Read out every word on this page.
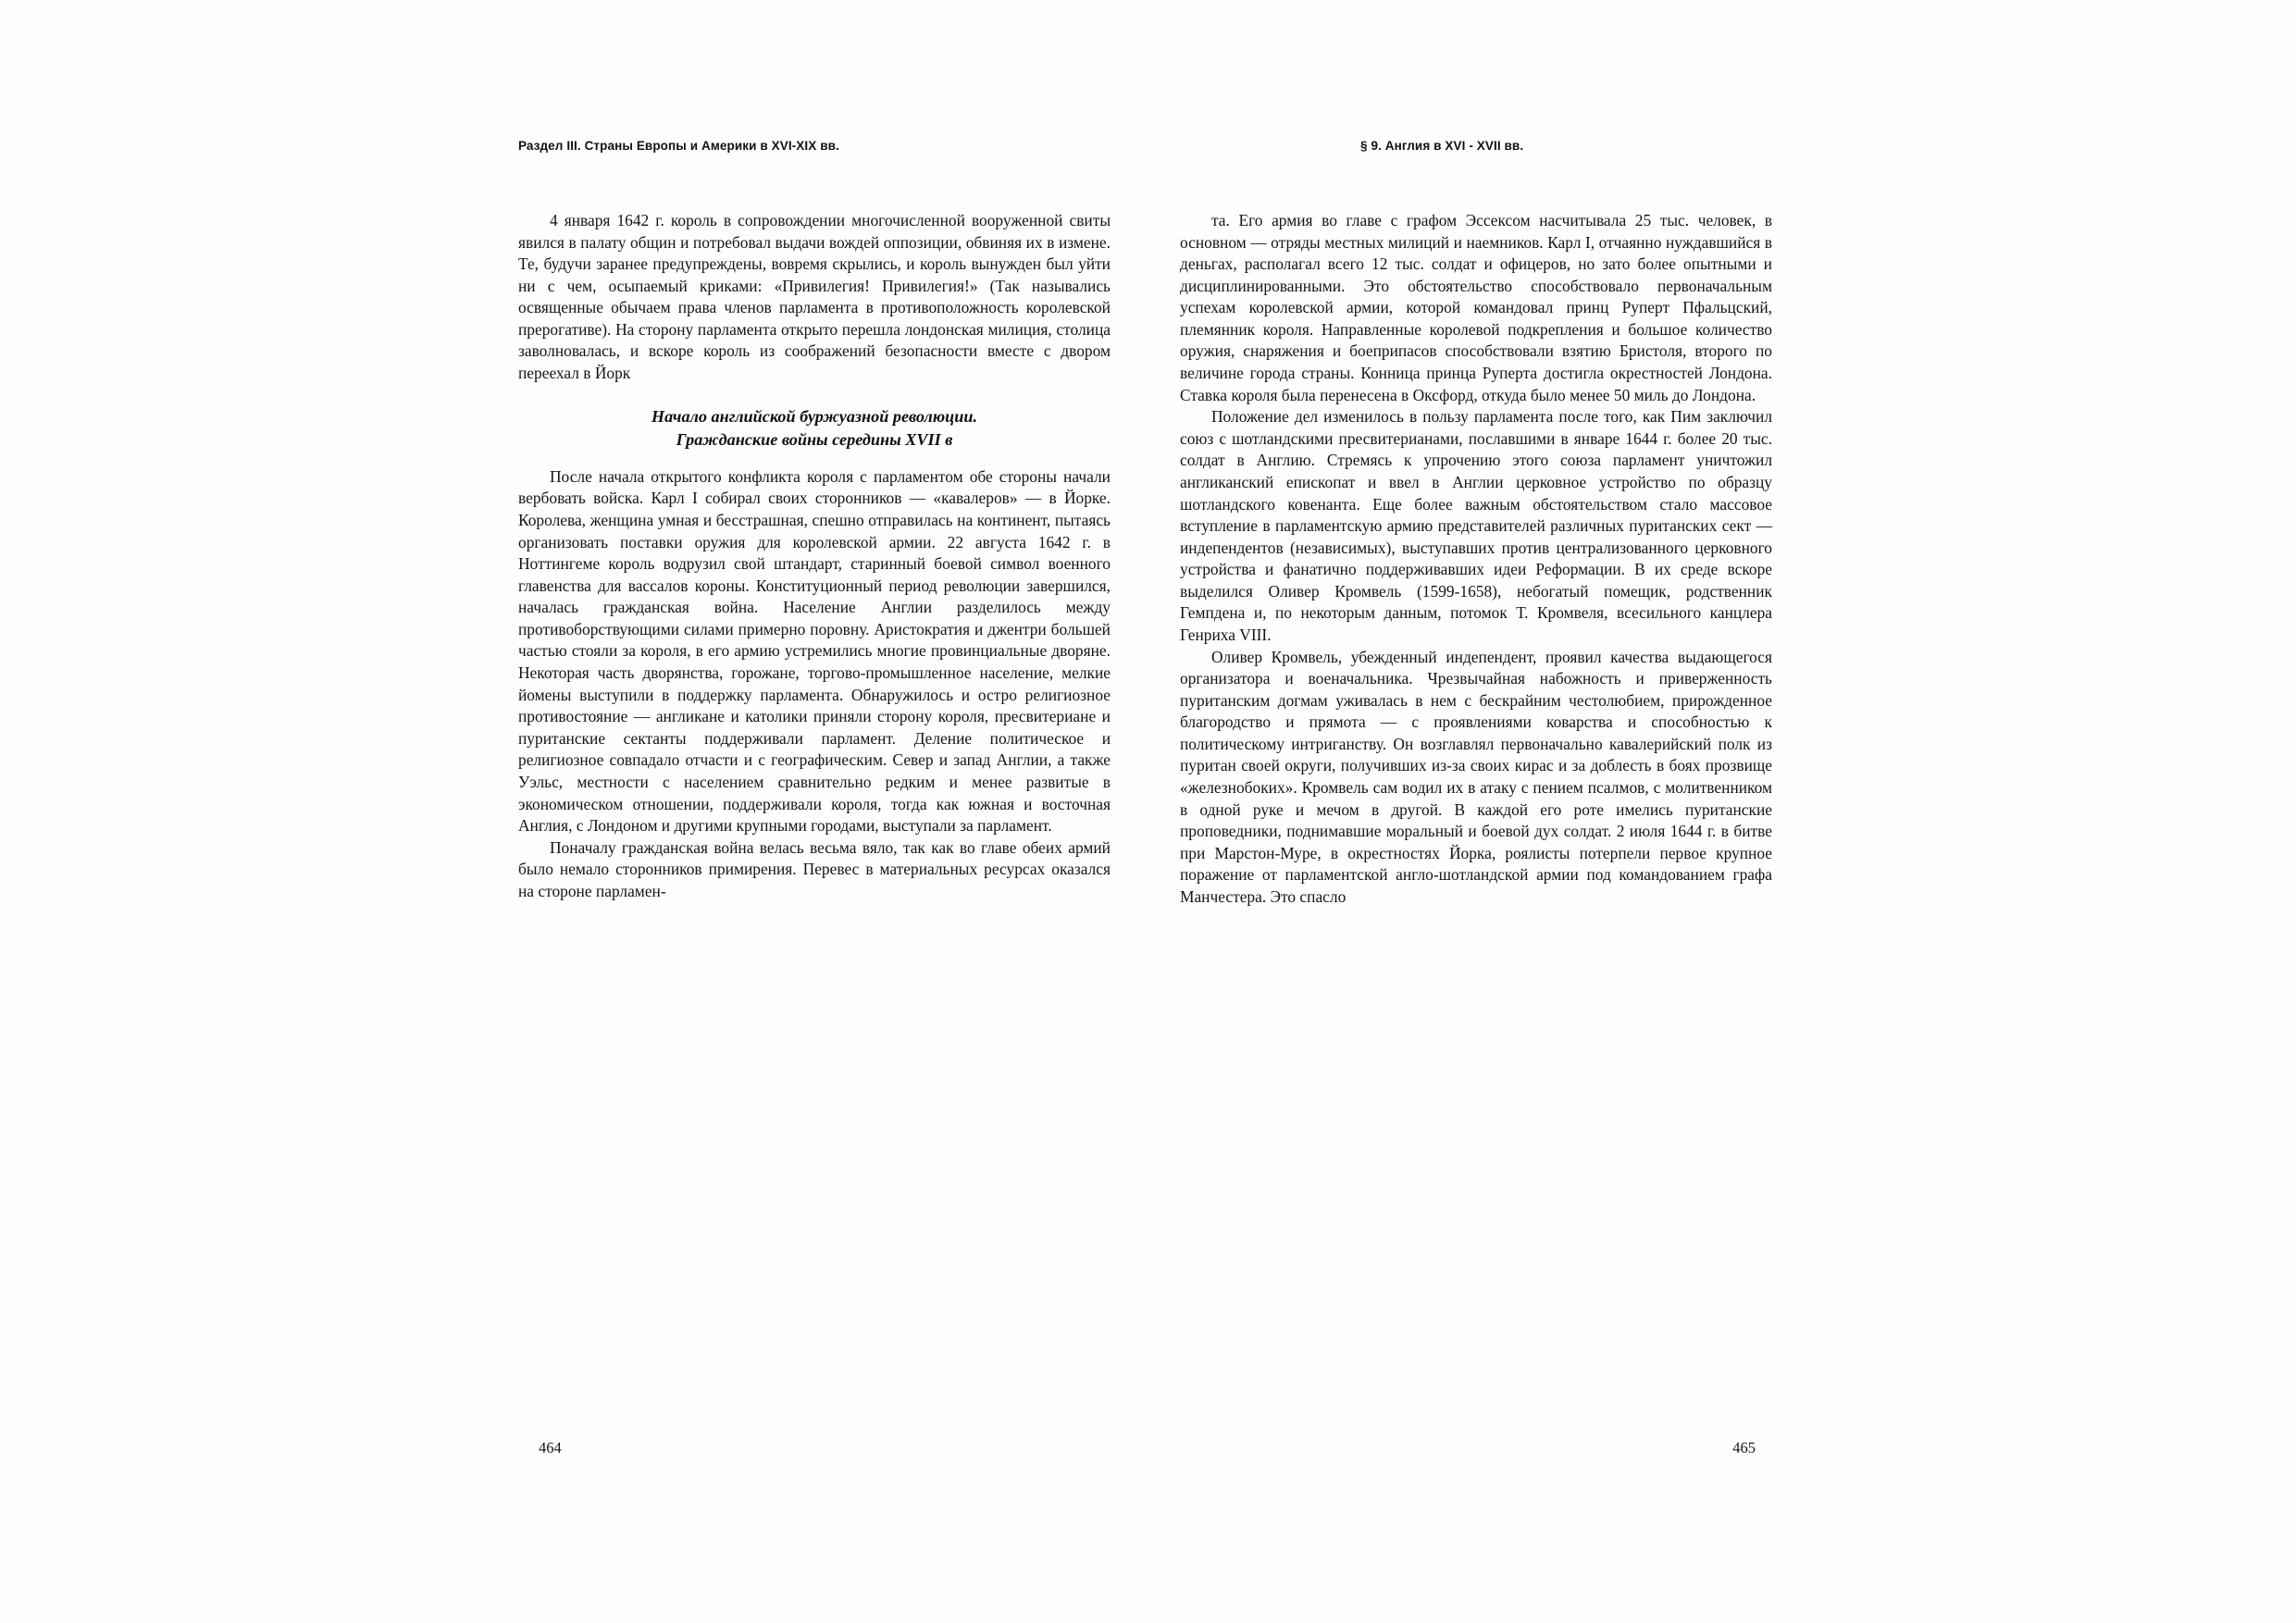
Раздел III. Страны Европы и Америки в XVI-XIX вв.

4 января 1642 г. король в сопровождении многочисленной вооруженной свиты явился в палату общин и потребовал выдачи вождей оппозиции, обвиняя их в измене. Те, будучи заранее предупреждены, вовремя скрылись, и король вынужден был уйти ни с чем, осыпаемый криками: «Привилегия! Привилегия!» (Так назывались освященные обычаем права членов парламента в противоположность королевской прерогативе). На сторону парламента открыто перешла лондонская милиция, столица заволновалась, и вскоре король из соображений безопасности вместе с двором переехал в Йорк

Начало английской буржуазной революции.
Гражданские войны середины XVII в

После начала открытого конфликта короля с парламентом обе стороны начали вербовать войска. Карл I собирал своих сторонников — «кавалеров» — в Йорке. Королева, женщина умная и бесстрашная, спешно отправилась на континент, пытаясь организовать поставки оружия для королевской армии. 22 августа 1642 г. в Ноттингеме король водрузил свой штандарт, старинный боевой символ военного главенства для вассалов короны. Конституционный период революции завершился, началась гражданская война. Население Англии разделилось между противоборствующими силами примерно поровну. Аристократия и джентри большей частью стояли за короля, в его армию устремились многие провинциальные дворяне. Некоторая часть дворянства, горожане, торгово-промышленное население, мелкие йомены выступили в поддержку парламента. Обнаружилось и остро религиозное противостояние — англикане и католики приняли сторону короля, пресвитериане и пуританские сектанты поддерживали парламент. Деление политическое и религиозное совпадало отчасти и с географическим. Север и запад Англии, а также Уэльс, местности с населением сравнительно редким и менее развитые в экономическом отношении, поддерживали короля, тогда как южная и восточная Англия, с Лондоном и другими крупными городами, выступали за парламент.

Поначалу гражданская война велась весьма вяло, так как во главе обеих армий было немало сторонников примирения. Перевес в материальных ресурсах оказался на стороне парламен-

464
§ 9. Англия в XVI - XVII вв.

та. Его армия во главе с графом Эссексом насчитывала 25 тыс. человек, в основном — отряды местных милиций и наемников. Карл I, отчаянно нуждавшийся в деньгах, располагал всего 12 тыс. солдат и офицеров, но зато более опытными и дисциплинированными. Это обстоятельство способствовало первоначальным успехам королевской армии, которой командовал принц Руперт Пфальцский, племянник короля. Направленные королевой подкрепления и большое количество оружия, снаряжения и боеприпасов способствовали взятию Бристоля, второго по величине города страны. Конница принца Руперта достигла окрестностей Лондона. Ставка короля была перенесена в Оксфорд, откуда было менее 50 миль до Лондона.

Положение дел изменилось в пользу парламента после того, как Пим заключил союз с шотландскими пресвитерианами, пославшими в январе 1644 г. более 20 тыс. солдат в Англию. Стремясь к упрочению этого союза парламент уничтожил англиканский епископат и ввел в Англии церковное устройство по образцу шотландского ковенанта. Еще более важным обстоятельством стало массовое вступление в парламентскую армию представителей различных пуританских сект — индепендентов (независимых), выступавших против централизованного церковного устройства и фанатично поддерживавших идеи Реформации. В их среде вскоре выделился Оливер Кромвель (1599-1658), небогатый помещик, родственник Гемпдена и, по некоторым данным, потомок Т. Кромвеля, всесильного канцлера Генриха VIII.

Оливер Кромвель, убежденный индепендент, проявил качества выдающегося организатора и военачальника. Чрезвычайная набожность и приверженность пуританским догмам уживалась в нем с бескрайним честолюбием, прирожденное благородство и прямота — с проявлениями коварства и способностью к политическому интриганству. Он возглавлял первоначально кавалерийский полк из пуритан своей округи, получивших из-за своих кирас и за доблесть в боях прозвище «железнобоких». Кромвель сам водил их в атаку с пением псалмов, с молитвенником в одной руке и мечом в другой. В каждой его роте имелись пуританские проповедники, поднимавшие моральный и боевой дух солдат. 2 июля 1644 г. в битве при Марстон-Муре, в окрестностях Йорка, роялисты потерпели первое крупное поражение от парламентской англо-шотландской армии под командованием графа Манчестера. Это спасло

465
